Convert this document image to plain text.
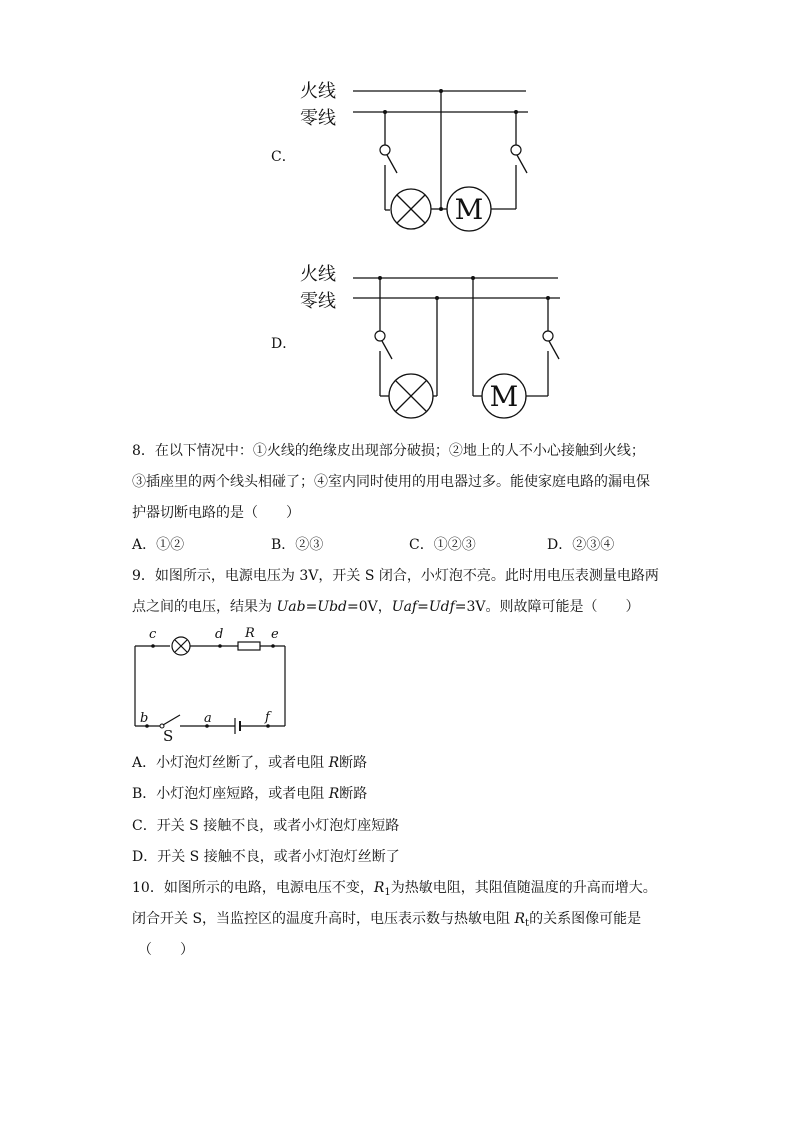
C．
火线
零线
M
D．
火线
零线
M
8．在以下情况中：①火线的绝缘皮出现部分破损；②地上的人不小心接触到火线；
③插座里的两个线头相碰了；④室内同时使用的用电器过多。能使家庭电路的漏电保
护器切断电路的是（　　）
A．①②	B．②③	C．①②③	D．②③④
9．如图所示，电源电压为 3V，开关 S 闭合，小灯泡不亮。此时用电压表测量电路两
点之间的电压，结果为 Uab=Ubd=0V，Uaf=Udf=3V。则故障可能是（　　）
c	d R e
b
S
a	f
A．小灯泡灯丝断了，或者电阻 R断路
B．小灯泡灯座短路，或者电阻 R断路
C．开关 S 接触不良，或者小灯泡灯座短路
D．开关 S 接触不良，或者小灯泡灯丝断了
10．如图所示的电路，电源电压不变，$R_1$为热敏电阻，其阻值随温度的升高而增大。
闭合开关 S，当监控区的温度升高时，电压表示数与热敏电阻 $R_t$的关系图像可能是
（　　）
